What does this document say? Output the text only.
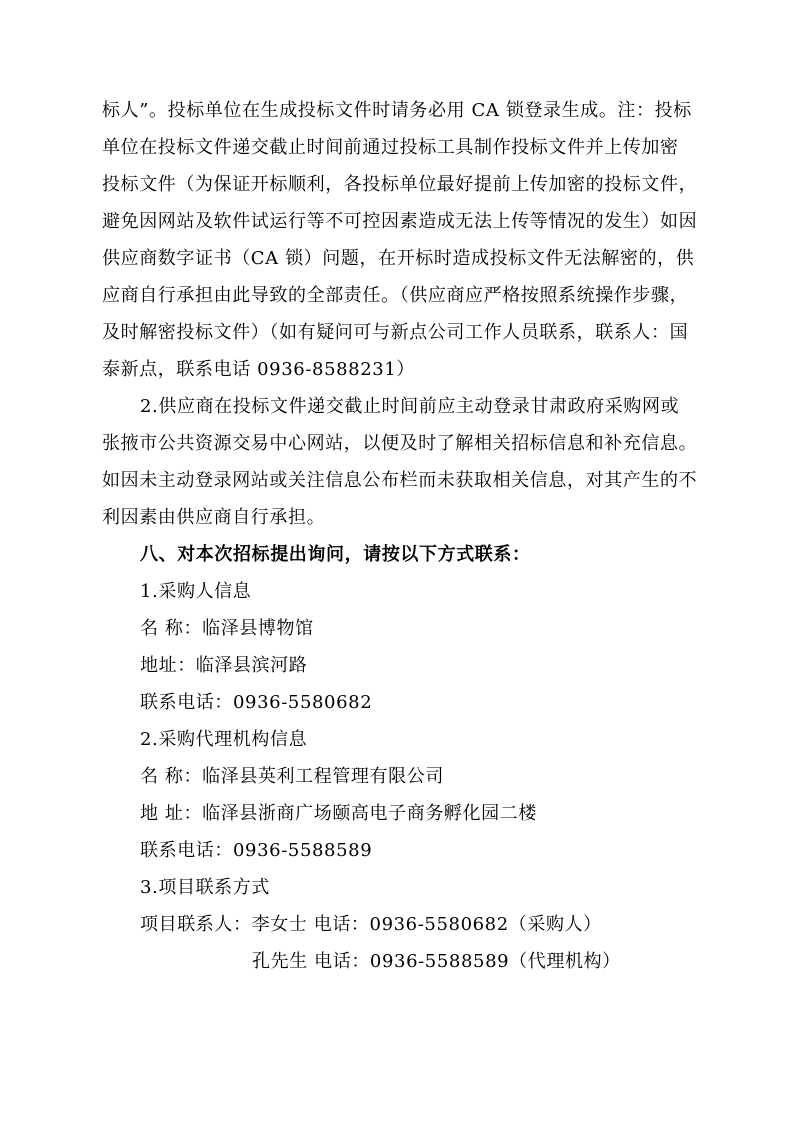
标人”。投标单位在生成投标文件时请务必用 CA 锁登录生成。注：投标
单位在投标文件递交截止时间前通过投标工具制作投标文件并上传加密
投标文件（为保证开标顺利，各投标单位最好提前上传加密的投标文件，
避免因网站及软件试运行等不可控因素造成无法上传等情况的发生）如因
供应商数字证书（CA 锁）问题，在开标时造成投标文件无法解密的，供
应商自行承担由此导致的全部责任。（供应商应严格按照系统操作步骤，
及时解密投标文件）（如有疑问可与新点公司工作人员联系，联系人：国
泰新点，联系电话 0936-8588231）
2.供应商在投标文件递交截止时间前应主动登录甘肃政府采购网或
张掖市公共资源交易中心网站，以便及时了解相关招标信息和补充信息。
如因未主动登录网站或关注信息公布栏而未获取相关信息，对其产生的不
利因素由供应商自行承担。
八、对本次招标提出询问，请按以下方式联系：
1.采购人信息
名 称：临泽县博物馆
地址：临泽县滨河路
联系电话：0936-5580682
2.采购代理机构信息
名 称：临泽县英利工程管理有限公司
地 址：临泽县浙商广场颐高电子商务孵化园二楼
联系电话：0936-5588589
3.项目联系方式
项目联系人：李女士 电话：0936-5580682（采购人）
孔先生 电话：0936-5588589（代理机构）
